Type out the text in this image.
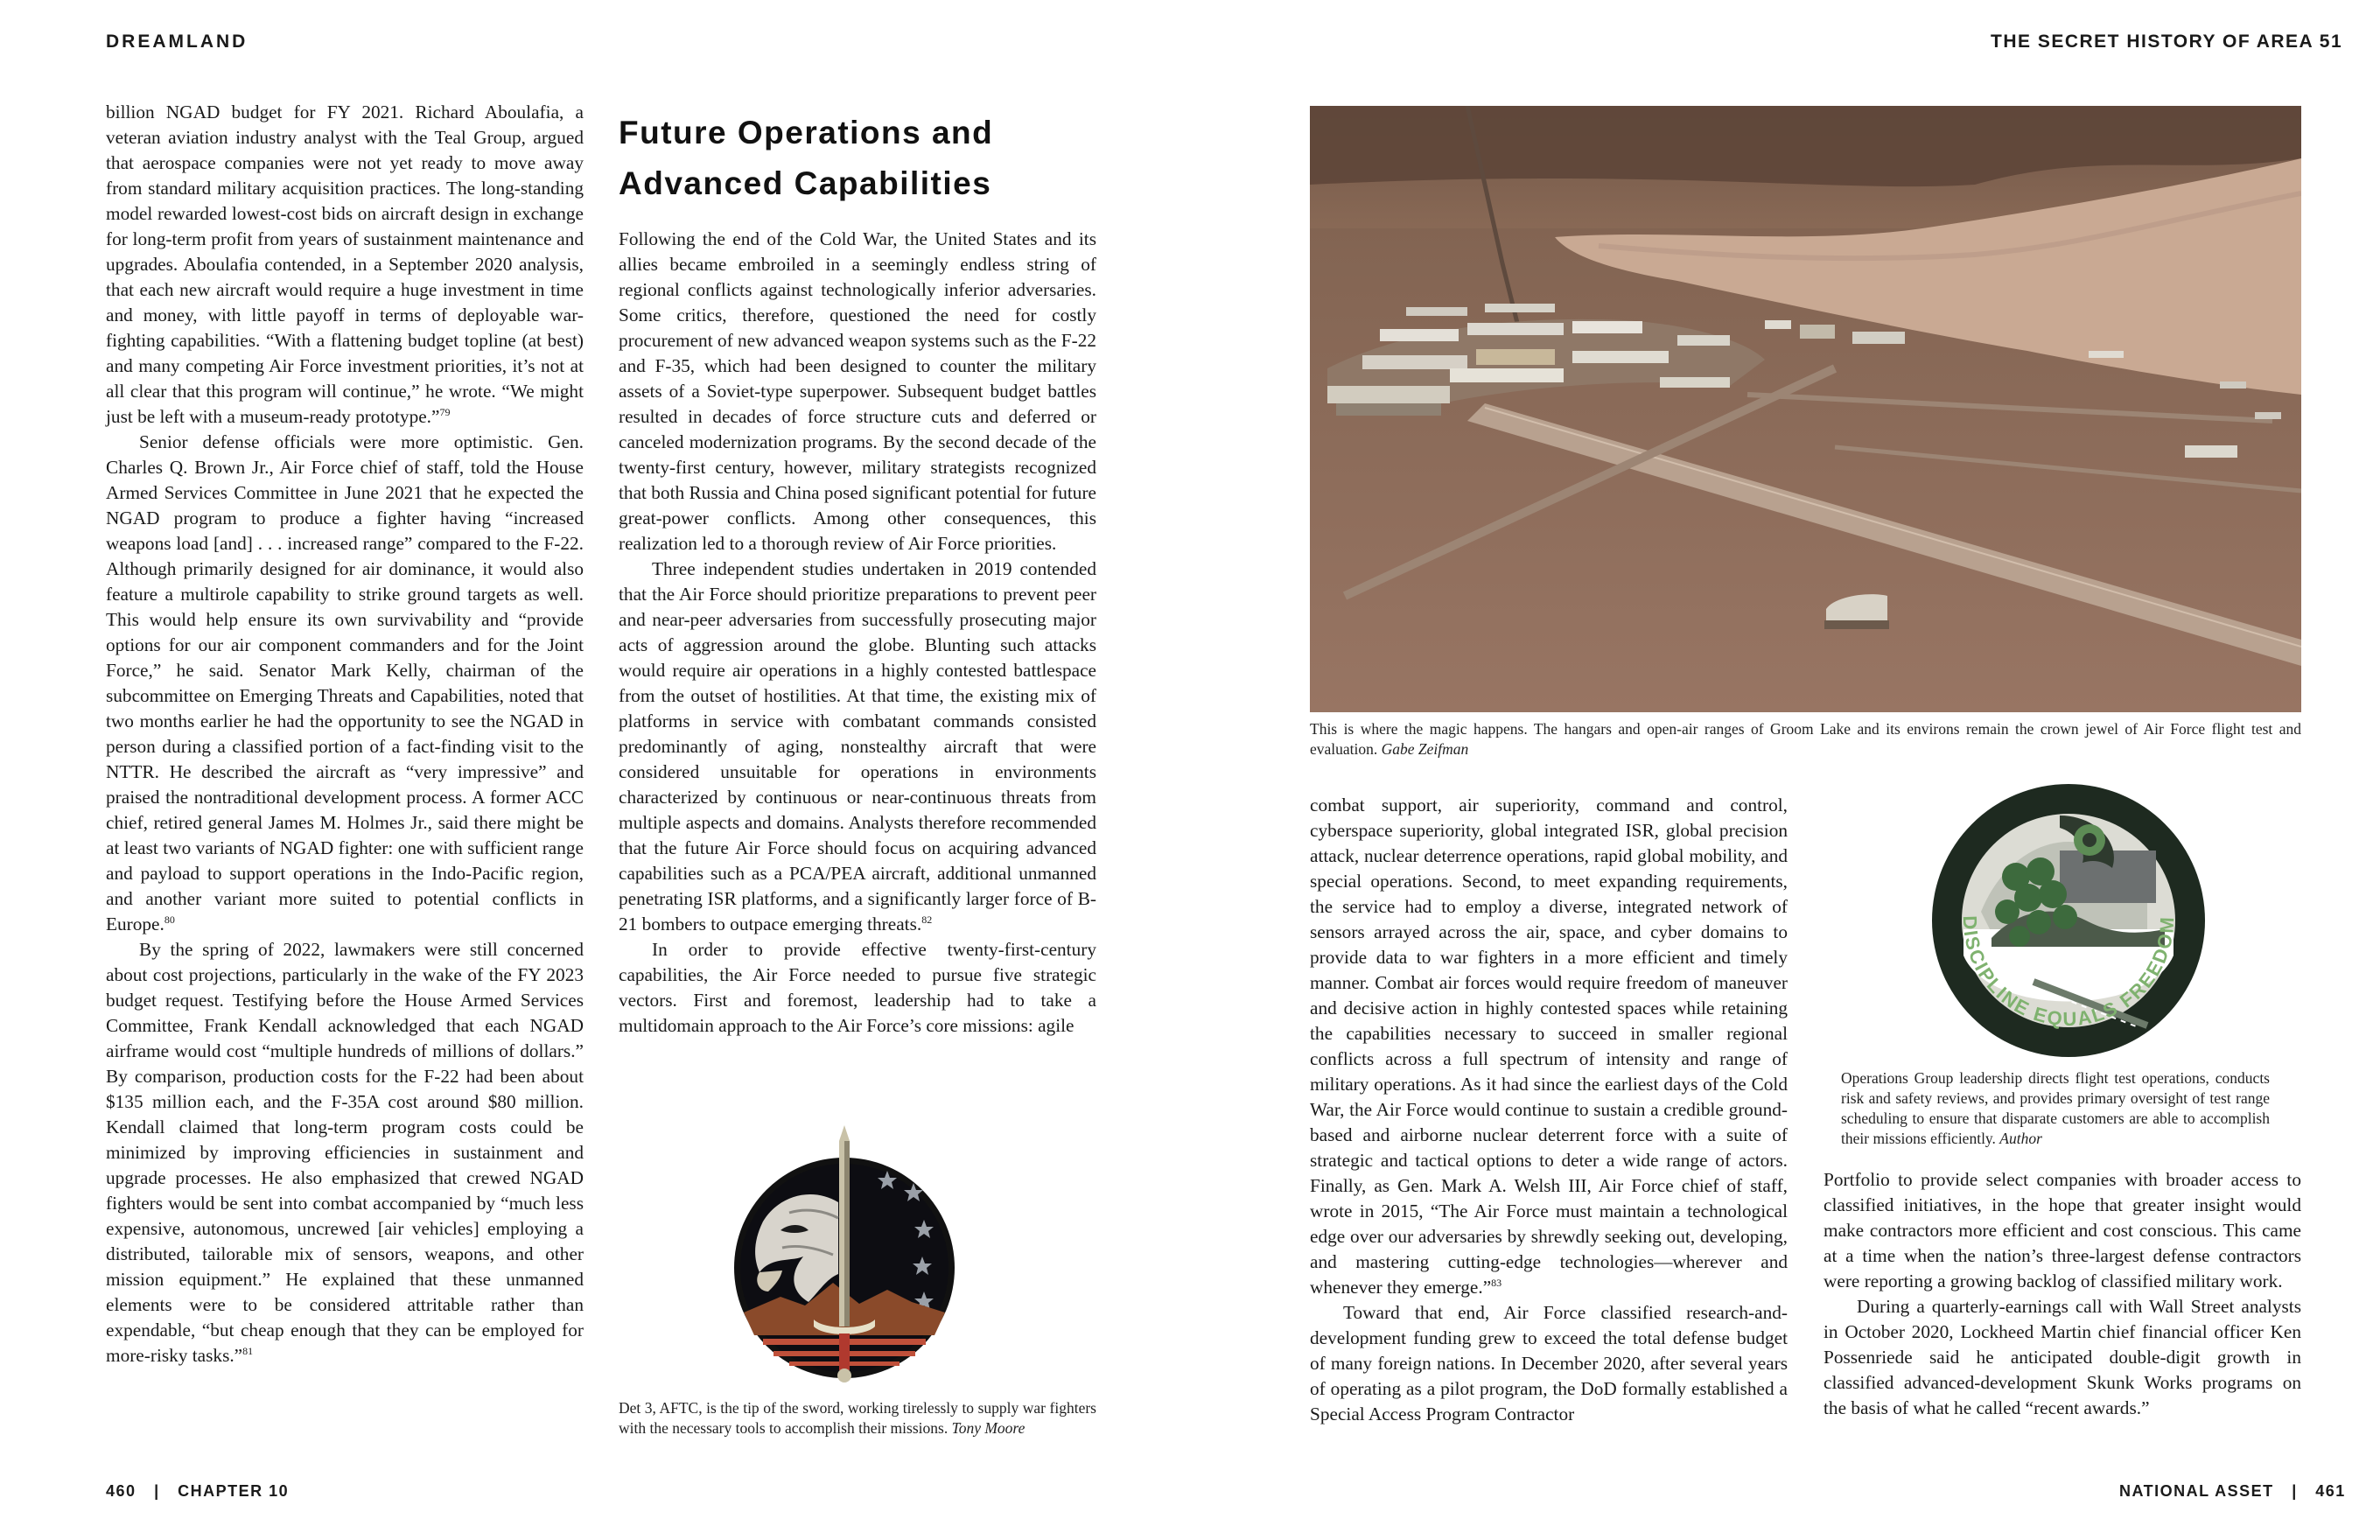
DREAMLAND	THE SECRET HISTORY OF AREA 51

billion NGAD budget for FY 2021. Richard Aboulafia, a veteran aviation industry analyst with the Teal Group, argued that aerospace companies were not yet ready to move away from standard military acquisition practices. The long-standing model rewarded lowest-cost bids on aircraft design in exchange for long-term profit from years of sustainment maintenance and upgrades. Aboulafia contended, in a September 2020 analysis, that each new aircraft would require a huge investment in time and money, with little payoff in terms of deployable war-fighting capabilities. “With a flattening budget topline (at best) and many competing Air Force investment priorities, it’s not at all clear that this program will continue,” he wrote. “We might just be left with a museum-ready prototype.”$^{79}$

Senior defense officials were more optimistic. Gen. Charles Q. Brown Jr., Air Force chief of staff, told the House Armed Services Committee in June 2021 that he expected the NGAD program to produce a fighter having “increased weapons load [and] . . . increased range” compared to the F-22. Although primarily designed for air dominance, it would also feature a multirole capability to strike ground targets as well. This would help ensure its own survivability and “provide options for our air component commanders and for the Joint Force,” he said. Senator Mark Kelly, chairman of the subcommittee on Emerging Threats and Capabilities, noted that two months earlier he had the opportunity to see the NGAD in person during a classified portion of a fact-finding visit to the NTTR. He described the aircraft as “very impressive” and praised the nontraditional development process. A former ACC chief, retired general James M. Holmes Jr., said there might be at least two variants of NGAD fighter: one with sufficient range and payload to support operations in the Indo-Pacific region, and another variant more suited to potential conflicts in Europe.$^{80}$

By the spring of 2022, lawmakers were still concerned about cost projections, particularly in the wake of the FY 2023 budget request. Testifying before the House Armed Services Committee, Frank Kendall acknowledged that each NGAD airframe would cost “multiple hundreds of millions of dollars.” By comparison, production costs for the F-22 had been about $135 million each, and the F-35A cost around $80 million. Kendall claimed that long-term program costs could be minimized by improving efficiencies in sustainment and upgrade processes. He also emphasized that crewed NGAD fighters would be sent into combat accompanied by “much less expensive, autonomous, uncrewed [air vehicles] employing a distributed, tailorable mix of sensors, weapons, and other mission equipment.” He explained that these unmanned elements were to be considered attritable rather than expendable, “but cheap enough that they can be employed for more-risky tasks.”$^{81}$

Future Operations and Advanced Capabilities

Following the end of the Cold War, the United States and its allies became embroiled in a seemingly endless string of regional conflicts against technologically inferior adversaries. Some critics, therefore, questioned the need for costly procurement of new advanced weapon systems such as the F-22 and F-35, which had been designed to counter the military assets of a Soviet-type superpower. Subsequent budget battles resulted in decades of force structure cuts and deferred or canceled modernization programs. By the second decade of the twenty-first century, however, military strategists recognized that both Russia and China posed significant potential for future great-power conflicts. Among other consequences, this realization led to a thorough review of Air Force priorities.

Three independent studies undertaken in 2019 contended that the Air Force should prioritize preparations to prevent peer and near-peer adversaries from successfully prosecuting major acts of aggression around the globe. Blunting such attacks would require air operations in a highly contested battlespace from the outset of hostilities. At that time, the existing mix of platforms in service with combatant commands consisted predominantly of aging, nonstealthy aircraft that were considered unsuitable for operations in environments characterized by continuous or near-continuous threats from multiple aspects and domains. Analysts therefore recommended that the future Air Force should focus on acquiring advanced capabilities such as a PCA/PEA aircraft, additional unmanned penetrating ISR platforms, and a significantly larger force of B-21 bombers to outpace emerging threats.$^{82}$

In order to provide effective twenty-first-century capabilities, the Air Force needed to pursue five strategic vectors. First and foremost, leadership had to take a multidomain approach to the Air Force’s core missions: agile

Det 3, AFTC, is the tip of the sword, working tirelessly to supply war fighters with the necessary tools to accomplish their missions. Tony Moore
460 | CHAPTER 10
This is where the magic happens. The hangars and open-air ranges of Groom Lake and its environs remain the crown jewel of Air Force flight test and evaluation. Gabe Zeifman

combat support, air superiority, command and control, cyberspace superiority, global integrated ISR, global precision attack, nuclear deterrence operations, rapid global mobility, and special operations. Second, to meet expanding requirements, the service had to employ a diverse, integrated network of sensors arrayed across the air, space, and cyber domains to provide data to war fighters in a more efficient and timely manner. Combat air forces would require freedom of maneuver and decisive action in highly contested spaces while retaining the capabilities necessary to succeed in smaller regional conflicts across a full spectrum of intensity and range of military operations. As it had since the earliest days of the Cold War, the Air Force would continue to sustain a credible ground-based and airborne nuclear deterrent force with a suite of strategic and tactical options to deter a wide range of actors. Finally, as Gen. Mark A. Welsh III, Air Force chief of staff, wrote in 2015, “The Air Force must maintain a technological edge over our adversaries by shrewdly seeking out, developing, and mastering cutting-edge technologies—wherever and whenever they emerge.”$^{83}$

Toward that end, Air Force classified research-and-development funding grew to exceed the total defense budget of many foreign nations. In December 2020, after several years of operating as a pilot program, the DoD formally established a Special Access Program Contractor

DISCIPLINE EQUALS FREEDOM
Operations Group leadership directs flight test operations, conducts risk and safety reviews, and provides primary oversight of test range scheduling to ensure that disparate customers are able to accomplish their missions efficiently. Author

Portfolio to provide select companies with broader access to classified initiatives, in the hope that greater insight would make contractors more efficient and cost conscious. This came at a time when the nation’s three-largest defense contractors were reporting a growing backlog of classified military work.

During a quarterly-earnings call with Wall Street analysts in October 2020, Lockheed Martin chief financial officer Ken Possenriede said he anticipated double-digit growth in classified advanced-development Skunk Works programs on the basis of what he called “recent awards.”

NATIONAL ASSET | 461
